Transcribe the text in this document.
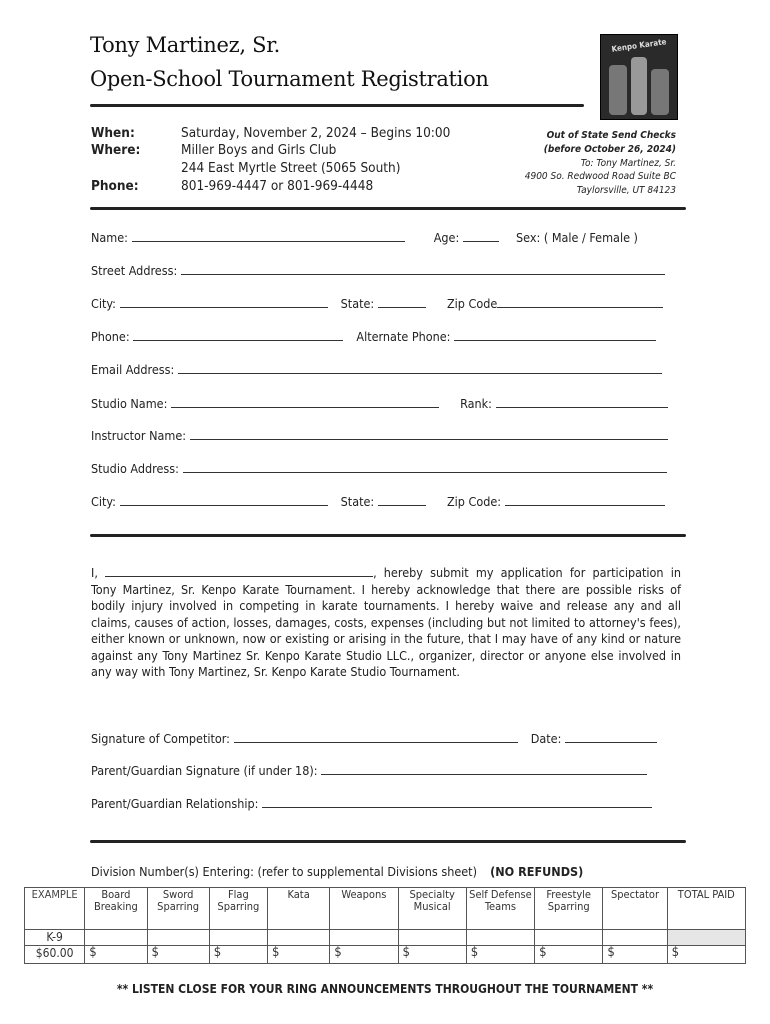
Tony Martinez, Sr.
Open-School Tournament Registration
Kenpo Karate
When:	Saturday, November 2, 2024 – Begins 10:00
Where:	Miller Boys and Girls Club
244 East Myrtle Street (5065 South)
Phone:	801-969-4447 or 801-969-4448
Out of State Send Checks
(before October 26, 2024)
To: Tony Martinez, Sr.
4900 So. Redwood Road Suite BC
Taylorsville, UT 84123
Name:	Age:	Sex: ( Male / Female )
Street Address:
City:	State:	Zip Code
Phone:	Alternate Phone:
Email Address:
Studio Name:	Rank:
Instructor Name:
Studio Address:
City:	State:	Zip Code:
I,	, hereby submit my application for participation in Tony Martinez, Sr. Kenpo Karate Tournament. I hereby acknowledge that there are possible risks of bodily injury involved in competing in karate tournaments. I hereby waive and release any and all claims, causes of action, losses, damages, costs, expenses (including but not limited to attorney's fees), either known or unknown, now or existing or arising in the future, that I may have of any kind or nature against any Tony Martinez Sr. Kenpo Karate Studio LLC., organizer, director or anyone else involved in any way with Tony Martinez, Sr. Kenpo Karate Studio Tournament.
Signature of Competitor:	Date:
Parent/Guardian Signature (if under 18):
Parent/Guardian Relationship:
Division Number(s) Entering: (refer to supplemental Divisions sheet) (NO REFUNDS)
EXAMPLE	Board Breaking	Sword Sparring	Flag Sparring	Kata	Weapons	Specialty Musical	Self Defense Teams	Freestyle Sparring	Spectator	TOTAL PAID
K-9										
$60.00	$	$	$	$	$	$	$	$	$	$
** LISTEN CLOSE FOR YOUR RING ANNOUNCEMENTS THROUGHOUT THE TOURNAMENT **
